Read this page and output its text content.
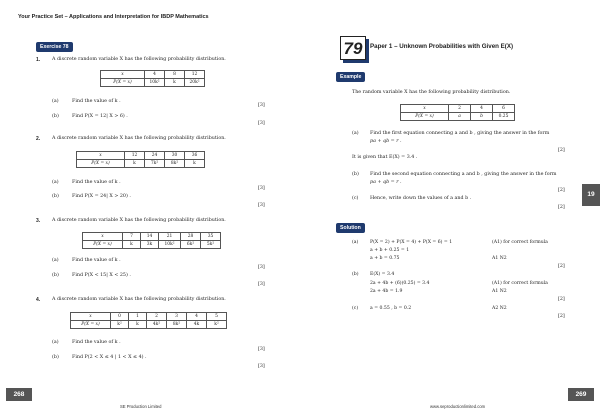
Your Practice Set – Applications and Interpretation for IBDP Mathematics
Exercise 78
1. A discrete random variable X has the following probability distribution.
x	4	8	12
P(X = x)	10k²	k	20k²
(a)	Find the value of k .
[3]
(b)	Find P(X = 12| X > 6) .
[3]
2. A discrete random variable X has the following probability distribution.
x	12	24	30	36
P(X = x)	k	7k²	8k²	k
(a)	Find the value of k .
[3]
(b)	Find P(X = 24| X > 20) .
[3]
3. A discrete random variable X has the following probability distribution.
x	7	14	21	28	35
P(X = x)	k	3k	10k²	6k²	5k²
(a)	Find the value of k .
[3]
(b)	Find P(X < 15| X < 25) .
[3]
4. A discrete random variable X has the following probability distribution.
x	0	1	2	3	4	5
P(X = x)	k²	k	4k²	8k²	4k	k²
(a)	Find the value of k .
[3]
(b)	Find P(2 < X ≤ 4 | 1 < X ≤ 4) .
[3]
268
SE Production Limited
79	Paper 1 – Unknown Probabilities with Given E(X)
Example
The random variable X has the following probability distribution.
x	2	4	6
P(X = x)	a	b	0.25
(a) Find the first equation connecting a and b , giving the answer in the form
pa + qb = r .
[2]
It is given that E(X) = 3.4 .
(b) Find the second equation connecting a and b , giving the answer in the form
pa + qb = r .
[2]
(c) Hence, write down the values of a and b .
[2]
19
Solution
(a)	P(X = 2) + P(X = 4) + P(X = 6) = 1	(A1) for correct formula
a + b + 0.25 = 1
a + b = 0.75	A1 N2
[2]
(b) E(X) = 3.4
2a + 4b + (6)(0.25) = 3.4	(A1) for correct formula
2a + 4b = 1.9	A1 N2
[2]
(c)	a = 0.55 , b = 0.2	A2 N2
[2]
269
www.seproductionlimited.com
